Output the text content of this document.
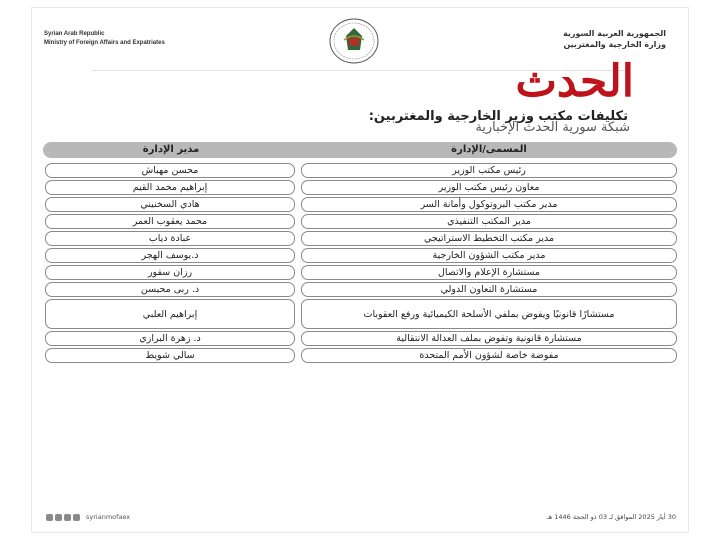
Syrian Arab Republic
Ministry of Foreign Affairs and Expatriates
الجمهورية العربية السورية
وزارة الخارجية والمغتربين
الحدث
تكليفات مكتب وزير الخارجية والمغتربين:
شبكة سورية الحدث الإخبارية
المسمى/الإدارة
مدير الإدارة
رئيس مكتب الوزير
محسن مهباش
معاون رئيس مكتب الوزير
إبراهيم محمد القيم
مدير مكتب البروتوكول وأمانة السر
هادي السخنيني
مدير المكتب التنفيذي
محمد يعقوب العمر
مدير مكتب التخطيط الاستراتيجي
عبادة دياب
مدير مكتب الشؤون الخارجية
د.يوسف الهجر
مستشارة الإعلام والاتصال
رزان سفور
مستشارة التعاون الدولي
د. ربى محيسن
مستشارًا قانونيًا ويفوض بملفي الأسلحة الكيميائية ورفع العقوبات
إبراهيم العلبي
مستشارة قانونية وتفوض بملف العدالة الانتقالية
د. زهرة البرازي
مفوضة خاصة لشؤون الأمم المتحدة
سالي شويط
syrianmofaex	30 أيار 2025 الموافق لـ 03 ذو الحجة 1446 هـ
